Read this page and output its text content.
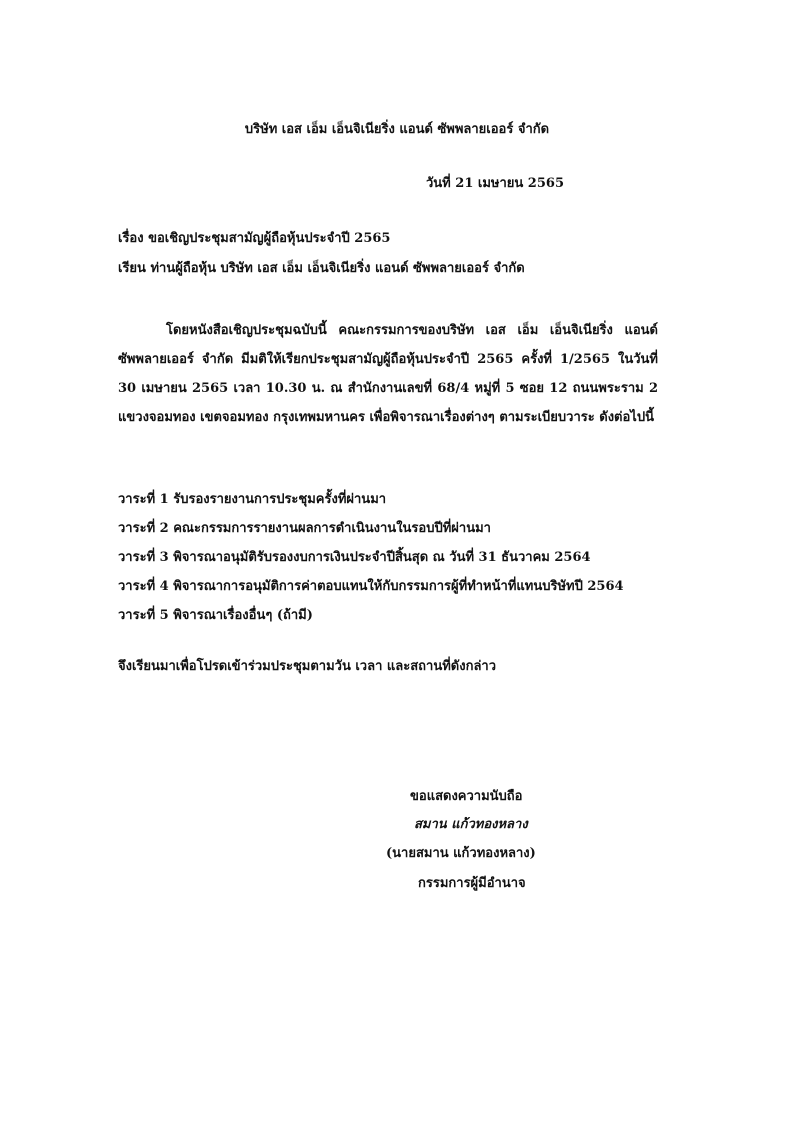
บริษัท เอส เอ็ม เอ็นจิเนียริ่ง แอนด์ ซัพพลายเออร์ จำกัด
วันที่ 21 เมษายน 2565
เรื่อง ขอเชิญประชุมสามัญผู้ถือหุ้นประจำปี 2565
เรียน ท่านผู้ถือหุ้น บริษัท เอส เอ็ม เอ็นจิเนียริ่ง แอนด์ ซัพพลายเออร์ จำกัด
โดยหนังสือเชิญประชุมฉบับนี้ คณะกรรมการของบริษัท เอส เอ็ม เอ็นจิเนียริ่ง แอนด์ ซัพพลายเออร์ จำกัด มีมติให้เรียกประชุมสามัญผู้ถือหุ้นประจำปี 2565 ครั้งที่ 1/2565 ในวันที่ 30 เมษายน 2565 เวลา 10.30 น. ณ สำนักงานเลขที่ 68/4 หมู่ที่ 5 ซอย 12 ถนนพระราม 2 แขวงจอมทอง เขตจอมทอง กรุงเทพมหานคร เพื่อพิจารณาเรื่องต่างๆ ตามระเบียบวาระ ดังต่อไปนี้
วาระที่ 1 รับรองรายงานการประชุมครั้งที่ผ่านมา
วาระที่ 2 คณะกรรมการรายงานผลการดำเนินงานในรอบปีที่ผ่านมา
วาระที่ 3 พิจารณาอนุมัติรับรองงบการเงินประจำปีสิ้นสุด ณ วันที่ 31 ธันวาคม 2564
วาระที่ 4 พิจารณาการอนุมัติการค่าตอบแทนให้กับกรรมการผู้ที่ทำหน้าที่แทนบริษัทปี 2564
วาระที่ 5 พิจารณาเรื่องอื่นๆ (ถ้ามี)
จึงเรียนมาเพื่อโปรดเข้าร่วมประชุมตามวัน เวลา และสถานที่ดังกล่าว
ขอแสดงความนับถือ
สมาน แก้วทองหลาง
(นายสมาน แก้วทองหลาง)
กรรมการผู้มีอำนาจ
